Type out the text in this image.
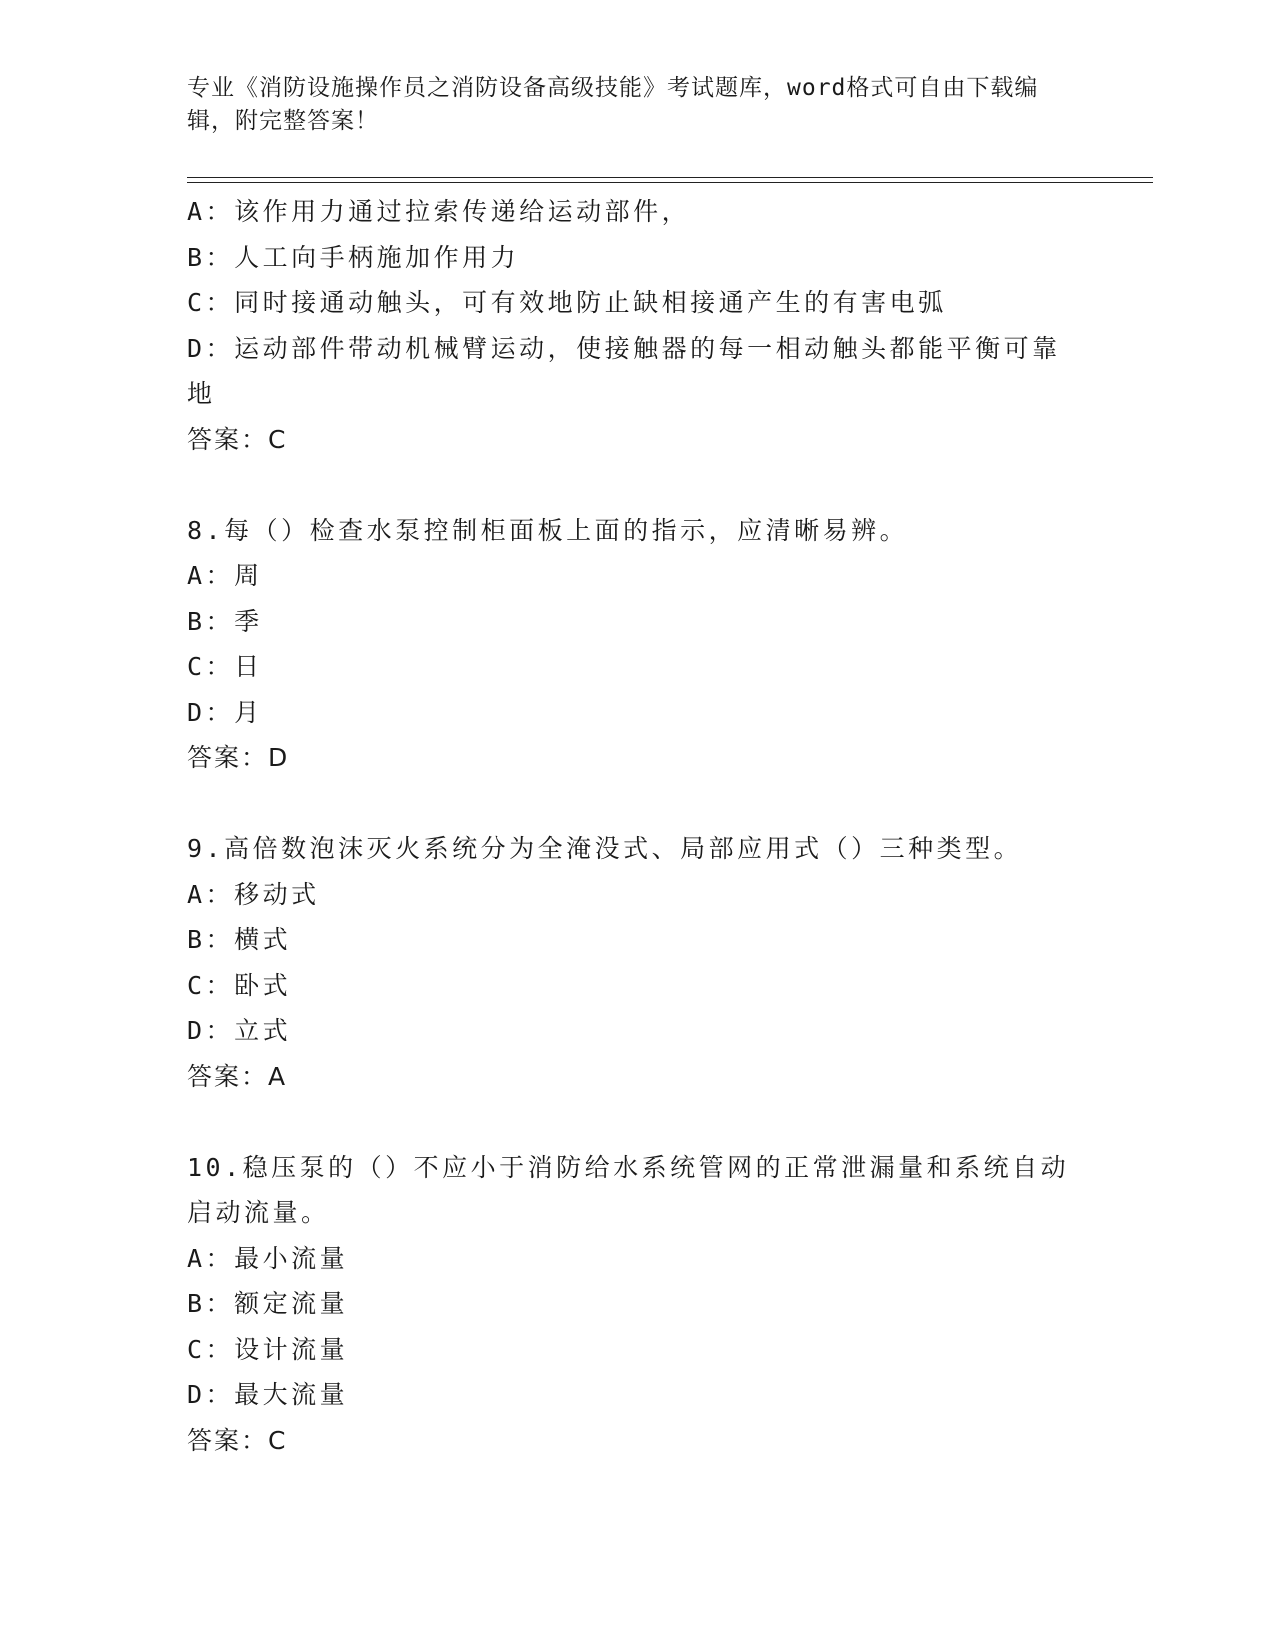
专业《消防设施操作员之消防设备高级技能》考试题库，word格式可自由下载编辑，附完整答案！
A：该作用力通过拉索传递给运动部件，
B：人工向手柄施加作用力
C：同时接通动触头，可有效地防止缺相接通产生的有害电弧
D：运动部件带动机械臂运动，使接触器的每一相动触头都能平衡可靠地
答案：C
8.每（）检查水泵控制柜面板上面的指示，应清晰易辨。
A：周
B：季
C：日
D：月
答案：D
9.高倍数泡沫灭火系统分为全淹没式、局部应用式（）三种类型。
A：移动式
B：横式
C：卧式
D：立式
答案：A
10.稳压泵的（）不应小于消防给水系统管网的正常泄漏量和系统自动启动流量。
A：最小流量
B：额定流量
C：设计流量
D：最大流量
答案：C
